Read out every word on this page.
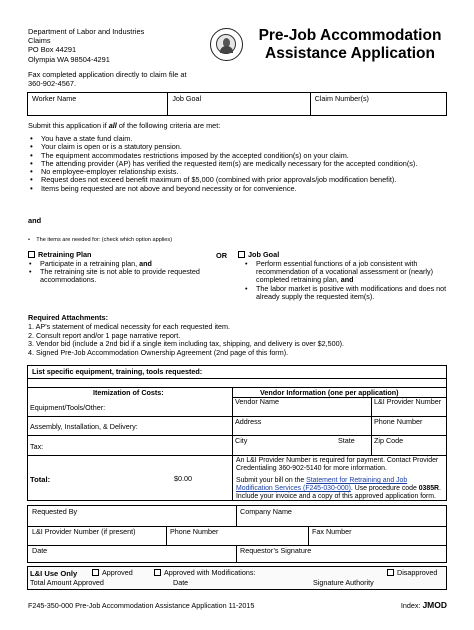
Department of Labor and Industries
Claims
PO Box 44291
Olympia WA 98504-4291
Fax completed application directly to claim file at
360-902-4567.
Pre-Job Accommodation
Assistance Application
Worker Name	Job Goal	Claim Number(s)
Submit this application if all of the following criteria are met:
• You have a state fund claim.
• Your claim is open or is a statutory pension.
• The equipment accommodates restrictions imposed by the accepted condition(s) on your claim.
• The attending provider (AP) has verified the requested item(s) are medically necessary for the accepted condition(s).
• No employee-employer relationship exists.
• Request does not exceed benefit maximum of $5,000 (combined with prior approvals/job modification benefit).
• Items being requested are not above and beyond necessity or for convenience.
and
•    The items are needed for: (check which option applies)
Retraining Plan
• Participate in a retraining plan, and
• The retraining site is not able to provide requested accommodations.
OR	Job Goal
• Perform essential functions of a job consistent with recommendation of a vocational assessment or (nearly) completed retraining plan, and
• The labor market is positive with modifications and does not already supply the requested item(s).
Required Attachments:
1. AP’s statement of medical necessity for each requested item.
2. Consult report and/or 1 page narrative report.
3. Vendor bid (include a 2nd bid if a single item including tax, shipping, and delivery is over $2,500).
4. Signed Pre-Job Accommodation Ownership Agreement (2nd page of this form).
List specific equipment, training, tools requested:
Itemization of Costs:
Equipment/Tools/Other:
Assembly, Installation, & Delivery:
Tax:
Total:	$0.00
Vendor Information (one per application)
Vendor Name	L&I Provider Number
Address	Phone Number
City	State	Zip Code
An L&I Provider Number is required for payment. Contact Provider Credentialing 360-902-5140 for more information.
Submit your bill on the Statement for Retraining and Job Modification Services (F245-030-000). Use procedure code 0385R. Include your invoice and a copy of this approved application form.
Requested By	Company Name
L&I Provider Number (if present)	Phone Number	Fax Number
Date	Requestor’s Signature
L&I Use Only	Approved	Approved with Modifications:	Disapproved
Total Amount Approved	Date	Signature Authority
F245-350-000 Pre-Job Accommodation Assistance Application 11-2015	Index: JMOD
